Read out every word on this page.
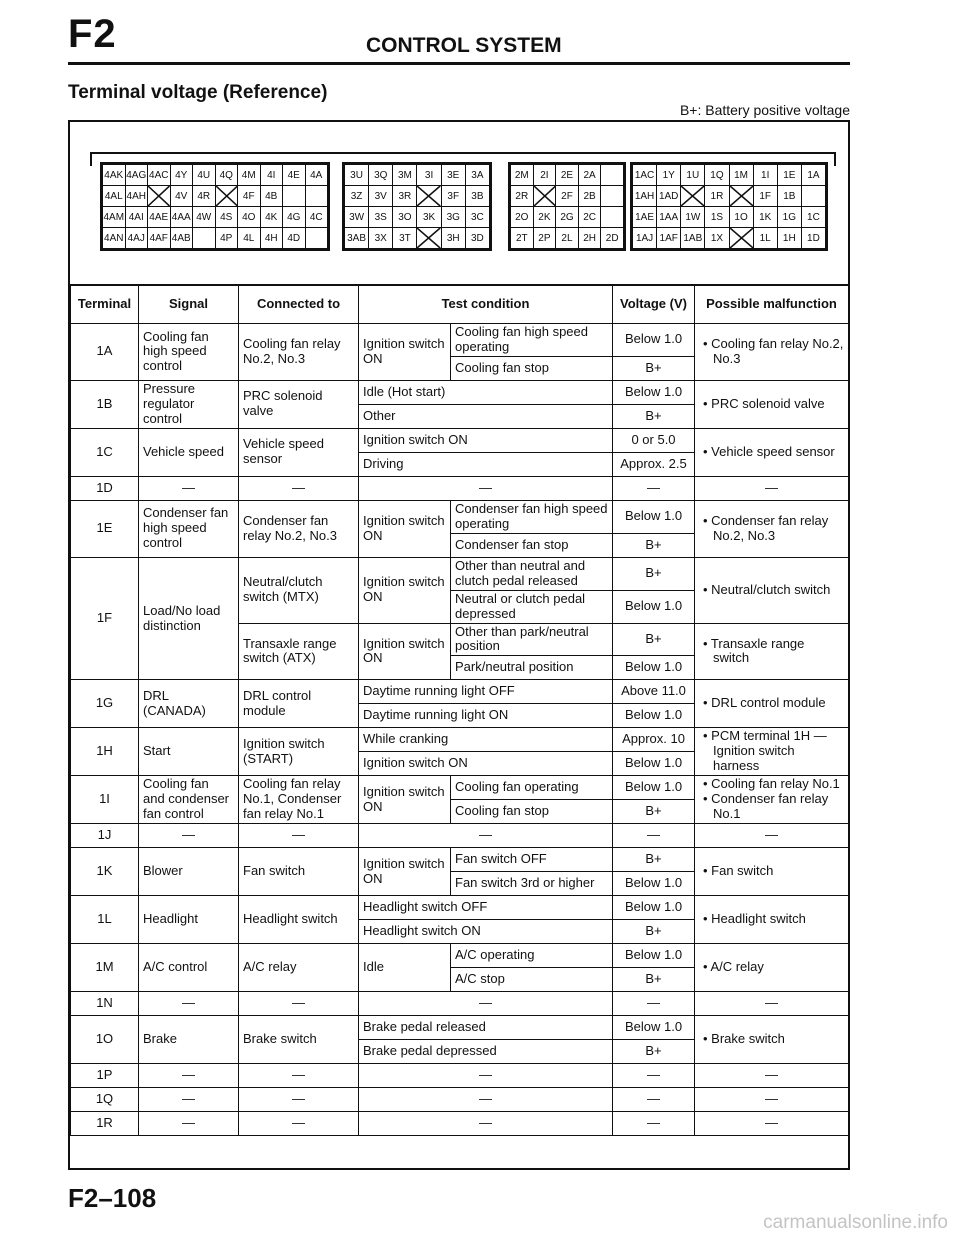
F2	CONTROL SYSTEM
Terminal voltage (Reference)
B+: Battery positive voltage
4AK 4AG 4AC 4Y 4U 4Q 4M	4I	4E	4A
4AL 4AH	4V 4R	4F	4B
4AM 4AI 4AE 4AA 4W 4S 4O 4K 4G 4C
4AN 4AJ 4AF 4AB	4P	4L	4H 4D
3U	3Q	3M	3I	3E	3A
3Z	3V	3R	3F	3B
3W	3S	3O	3K	3G	3C
3AB 3X	3T	3H	3D
2M	2I	2E	2A
2R	2F	2B
2O 2K 2G 2C
2T	2P	2L	2H 2D
1AC 1Y	1U	1Q	1M	1I	1E	1A
1AH 1AD	1R	1F	1B
1AE 1AA 1W	1S	1O	1K	1G	1C
1AJ 1AF 1AB 1X	1L	1H	1D
Terminal	Signal	Connected to	Test condition		Voltage (V)	Possible malfunction
1A	Cooling fan high speed control	Cooling fan relay No.2, No.3	Ignition switch ON	Cooling fan high speed operating	Below 1.0	• Cooling fan relay No.2, No.3

				Cooling fan stop	B+	
1B	Pressure regulator control	PRC solenoid valve	Idle (Hot start)		Below 1.0	• PRC solenoid valve

			Other		B+	
1C	Vehicle speed	Vehicle speed sensor	Ignition switch ON		0 or 5.0	• Vehicle speed sensor

			Driving		Approx. 2.5	
1D	—	—	—		—	—
1E	Condenser fan high speed control	Condenser fan relay No.2, No.3	Ignition switch ON	Condenser fan high speed operating	Below 1.0	• Condenser fan relay No.2, No.3

				Condenser fan stop	B+	
1F	Load/No load distinction	Neutral/clutch switch (MTX)	Ignition switch ON	Other than neutral and clutch pedal released	B+	• Neutral/clutch switch

				Neutral or clutch pedal depressed	Below 1.0	
		Transaxle range switch (ATX)	Ignition switch ON	Other than park/neutral position	B+	• Transaxle range switch

				Park/neutral position	Below 1.0	
1G	DRL (CANADA)	DRL control module	Daytime running light OFF		Above 11.0	• DRL control module

			Daytime running light ON		Below 1.0	
1H	Start	Ignition switch (START)	While cranking		Approx. 10	• PCM terminal 1H — Ignition switch harness

			Ignition switch ON		Below 1.0	
1I	Cooling fan and condenser fan control	Cooling fan relay No.1, Condenser fan relay No.1	Ignition switch ON	Cooling fan operating	Below 1.0	• Cooling fan relay No.1
• Condenser fan relay No.1

				Cooling fan stop	B+	
1J	—	—	—		—	—
1K	Blower	Fan switch	Ignition switch ON	Fan switch OFF	B+	• Fan switch

				Fan switch 3rd or higher	Below 1.0	
1L	Headlight	Headlight switch	Headlight switch OFF		Below 1.0	• Headlight switch

			Headlight switch ON		B+	
1M	A/C control	A/C relay	Idle	A/C operating	Below 1.0	• A/C relay

				A/C stop	B+	
1N	—	—	—		—	—
1O	Brake	Brake switch	Brake pedal released		Below 1.0	• Brake switch

			Brake pedal depressed		B+	
1P	—	—	—		—	—
1Q	—	—	—		—	—
1R	—	—	—		—	—
F2–108
carmanualsonline.info
